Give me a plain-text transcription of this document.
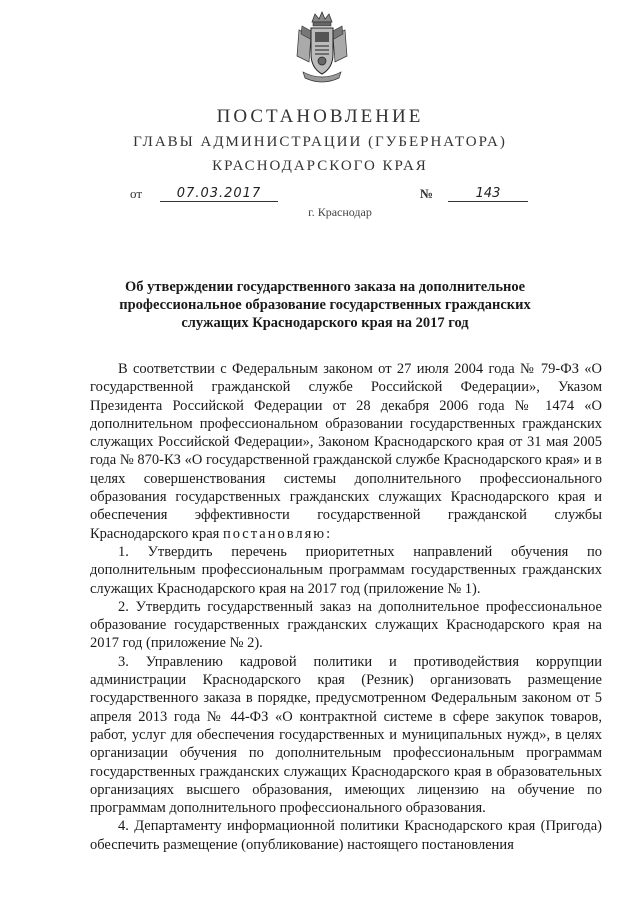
ПОСТАНОВЛЕНИЕ
ГЛАВЫ АДМИНИСТРАЦИИ (ГУБЕРНАТОРА)
КРАСНОДАРСКОГО КРАЯ
от	07.03.2017	№	143
г. Краснодар
Об утверждении государственного заказа на дополнительное профессиональное образование государственных гражданских служащих Краснодарского края на 2017 год

В соответствии с Федеральным законом от 27 июля 2004 года № 79-ФЗ «О государственной гражданской службе Российской Федерации», Указом Президента Российской Федерации от 28 декабря 2006 года № 1474 «О дополнительном профессиональном образовании государственных гражданских служащих Российской Федерации», Законом Краснодарского края от 31 мая 2005 года № 870-КЗ «О государственной гражданской службе Краснодарского края» и в целях совершенствования системы дополнительного профессионального образования государственных гражданских служащих Краснодарского края и обеспечения эффективности государственной гражданской службы Краснодарского края постановляю:

1. Утвердить перечень приоритетных направлений обучения по дополнительным профессиональным программам государственных гражданских служащих Краснодарского края на 2017 год (приложение № 1).

2. Утвердить государственный заказ на дополнительное профессиональное образование государственных гражданских служащих Краснодарского края на 2017 год (приложение № 2).

3. Управлению кадровой политики и противодействия коррупции администрации Краснодарского края (Резник) организовать размещение государственного заказа в порядке, предусмотренном Федеральным законом от 5 апреля 2013 года № 44-ФЗ «О контрактной системе в сфере закупок товаров, работ, услуг для обеспечения государственных и муниципальных нужд», в целях организации обучения по дополнительным профессиональным программам государственных гражданских служащих Краснодарского края в образовательных организациях высшего образования, имеющих лицензию на обучение по программам дополнительного профессионального образования.

4. Департаменту информационной политики Краснодарского края (Пригода) обеспечить размещение (опубликование) настоящего постановления
